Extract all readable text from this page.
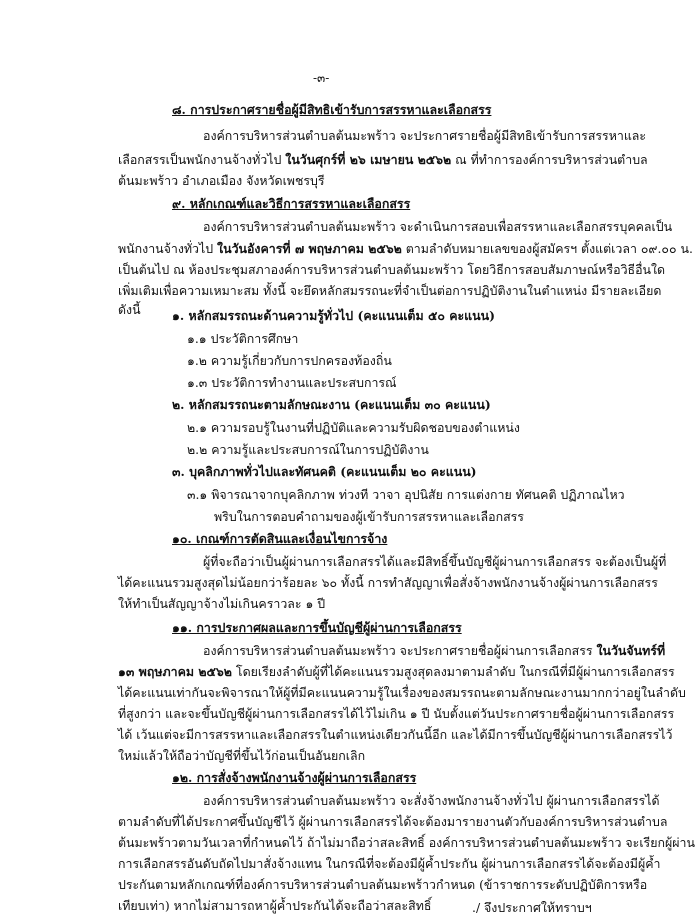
-๓-
๘. การประกาศรายชื่อผู้มีสิทธิเข้ารับการสรรหาและเลือกสรร
องค์การบริหารส่วนตำบลต้นมะพร้าว จะประกาศรายชื่อผู้มีสิทธิเข้ารับการสรรหาและ
เลือกสรรเป็นพนักงานจ้างทั่วไป ในวันศุกร์ที่ ๒๖ เมษายน ๒๕๖๒ ณ ที่ทำการองค์การบริหารส่วนตำบล
ต้นมะพร้าว อำเภอเมือง จังหวัดเพชรบุรี
๙. หลักเกณฑ์และวิธีการสรรหาและเลือกสรร
องค์การบริหารส่วนตำบลต้นมะพร้าว จะดำเนินการสอบเพื่อสรรหาและเลือกสรรบุคคลเป็น
พนักงานจ้างทั่วไป ในวันอังคารที่ ๗ พฤษภาคม ๒๕๖๒ ตามลำดับหมายเลขของผู้สมัครฯ ตั้งแต่เวลา ๐๙.๐๐ น.
เป็นต้นไป ณ ห้องประชุมสภาองค์การบริหารส่วนตำบลต้นมะพร้าว โดยวิธีการสอบสัมภาษณ์หรือวิธีอื่นใด
เพิ่มเติมเพื่อความเหมาะสม ทั้งนี้ จะยึดหลักสมรรถนะที่จำเป็นต่อการปฏิบัติงานในตำแหน่ง มีรายละเอียด
ดังนี้	๑. หลักสมรรถนะด้านความรู้ทั่วไป (คะแนนเต็ม ๕๐ คะแนน)
๑.๑ ประวัติการศึกษา
๑.๒ ความรู้เกี่ยวกับการปกครองท้องถิ่น
๑.๓ ประวัติการทำงานและประสบการณ์
๒. หลักสมรรถนะตามลักษณะงาน (คะแนนเต็ม ๓๐ คะแนน)
๒.๑ ความรอบรู้ในงานที่ปฏิบัติและความรับผิดชอบของตำแหน่ง
๒.๒ ความรู้และประสบการณ์ในการปฏิบัติงาน
๓. บุคลิกภาพทั่วไปและทัศนคติ (คะแนนเต็ม ๒๐ คะแนน)
๓.๑ พิจารณาจากบุคลิกภาพ ท่วงที วาจา อุปนิสัย การแต่งกาย ทัศนคติ ปฏิภาณไหว
พริบในการตอบคำถามของผู้เข้ารับการสรรหาและเลือกสรร
๑๐. เกณฑ์การตัดสินและเงื่อนไขการจ้าง
ผู้ที่จะถือว่าเป็นผู้ผ่านการเลือกสรรได้และมีสิทธิ์ขึ้นบัญชีผู้ผ่านการเลือกสรร จะต้องเป็นผู้ที่
ได้คะแนนรวมสูงสุดไม่น้อยกว่าร้อยละ ๖๐ ทั้งนี้ การทำสัญญาเพื่อสั่งจ้างพนักงานจ้างผู้ผ่านการเลือกสรร
ให้ทำเป็นสัญญาจ้างไม่เกินคราวละ ๑ ปี
๑๑. การประกาศผลและการขึ้นบัญชีผู้ผ่านการเลือกสรร
องค์การบริหารส่วนตำบลต้นมะพร้าว จะประกาศรายชื่อผู้ผ่านการเลือกสรร ในวันจันทร์ที่
๑๓ พฤษภาคม ๒๕๖๒ โดยเรียงลำดับผู้ที่ได้คะแนนรวมสูงสุดลงมาตามลำดับ ในกรณีที่มีผู้ผ่านการเลือกสรร
ได้คะแนนเท่ากันจะพิจารณาให้ผู้ที่มีคะแนนความรู้ในเรื่องของสมรรถนะตามลักษณะงานมากกว่าอยู่ในลำดับ
ที่สูงกว่า และจะขึ้นบัญชีผู้ผ่านการเลือกสรรได้ไว้ไม่เกิน ๑ ปี นับตั้งแต่วันประกาศรายชื่อผู้ผ่านการเลือกสรร
ได้ เว้นแต่จะมีการสรรหาและเลือกสรรในตำแหน่งเดียวกันนี้อีก และได้มีการขึ้นบัญชีผู้ผ่านการเลือกสรรไว้
ใหม่แล้วให้ถือว่าบัญชีที่ขึ้นไว้ก่อนเป็นอันยกเลิก
๑๒. การสั่งจ้างพนักงานจ้างผู้ผ่านการเลือกสรร
องค์การบริหารส่วนตำบลต้นมะพร้าว จะสั่งจ้างพนักงานจ้างทั่วไป ผู้ผ่านการเลือกสรรได้
ตามลำดับที่ได้ประกาศขึ้นบัญชีไว้ ผู้ผ่านการเลือกสรรได้จะต้องมารายงานตัวกับองค์การบริหารส่วนตำบล
ต้นมะพร้าวตามวันเวลาที่กำหนดไว้ ถ้าไม่มาถือว่าสละสิทธิ์ องค์การบริหารส่วนตำบลต้นมะพร้าว จะเรียกผู้ผ่าน
การเลือกสรรอันดับถัดไปมาสั่งจ้างแทน ในกรณีที่จะต้องมีผู้ค้ำประกัน ผู้ผ่านการเลือกสรรได้จะต้องมีผู้ค้ำ
ประกันตามหลักเกณฑ์ที่องค์การบริหารส่วนตำบลต้นมะพร้าวกำหนด (ข้าราชการระดับปฏิบัติการหรือ
เทียบเท่า) หากไม่สามารถหาผู้ค้ำประกันได้จะถือว่าสละสิทธิ์	./ จึงประกาศให้ทราบฯ
